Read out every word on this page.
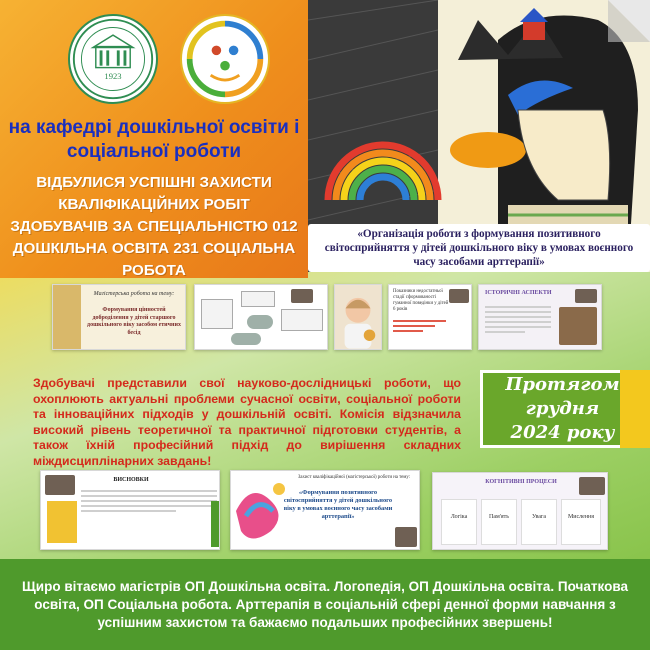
1923
на кафедрі дошкільної освіти і соціальної роботи
ВІДБУЛИСЯ УСПІШНІ ЗАХИСТИ КВАЛІФІКАЦІЙНИХ РОБІТ ЗДОБУВАЧІВ ЗА СПЕЦІАЛЬНІСТЮ 012 ДОШКІЛЬНА ОСВІТА 231 СОЦІАЛЬНА РОБОТА
«Організація роботи з формування позитивного світосприйняття у дітей дошкільного віку в умовах воєнного часу засобами арттерапії»
Магістерська робота на тему:
Формування цінностей доброділення у дітей старшого дошкільного віку засобом етичних бесід
Показники недостатньої стадії сформованості гуманної поведінки у дітей 6 років
ІСТОРИЧНІ АСПЕКТИ
Здобувачі представили свої науково-дослідницькі роботи, що охоплюють актуальні проблеми сучасної освіти, соціальної роботи та інноваційних підходів у дошкільній освіті. Комісія відзначила високий рівень теоретичної та практичної підготовки студентів, а також їхній професійний підхід до вирішення складних міждисциплінарних завдань!
Протягом грудня
2024 року
ВИСНОВКИ	Захист кваліфікаційної (магістерської) роботи на тему:
«Формування позитивного світосприйняття у дітей дошкільного віку в умовах воєнного часу засобами арттерапії»
КОГНІТИВНІ ПРОЦЕСИ
Логіка	Пам'ять	Увага	Мислення
Щиро вітаємо магістрів ОП Дошкільна освіта. Логопедія, ОП Дошкільна освіта. Початкова освіта, ОП Соціальна робота. Арттерапія в соціальній сфері денної форми навчання з успішним захистом та бажаємо подальших професійних звершень!
